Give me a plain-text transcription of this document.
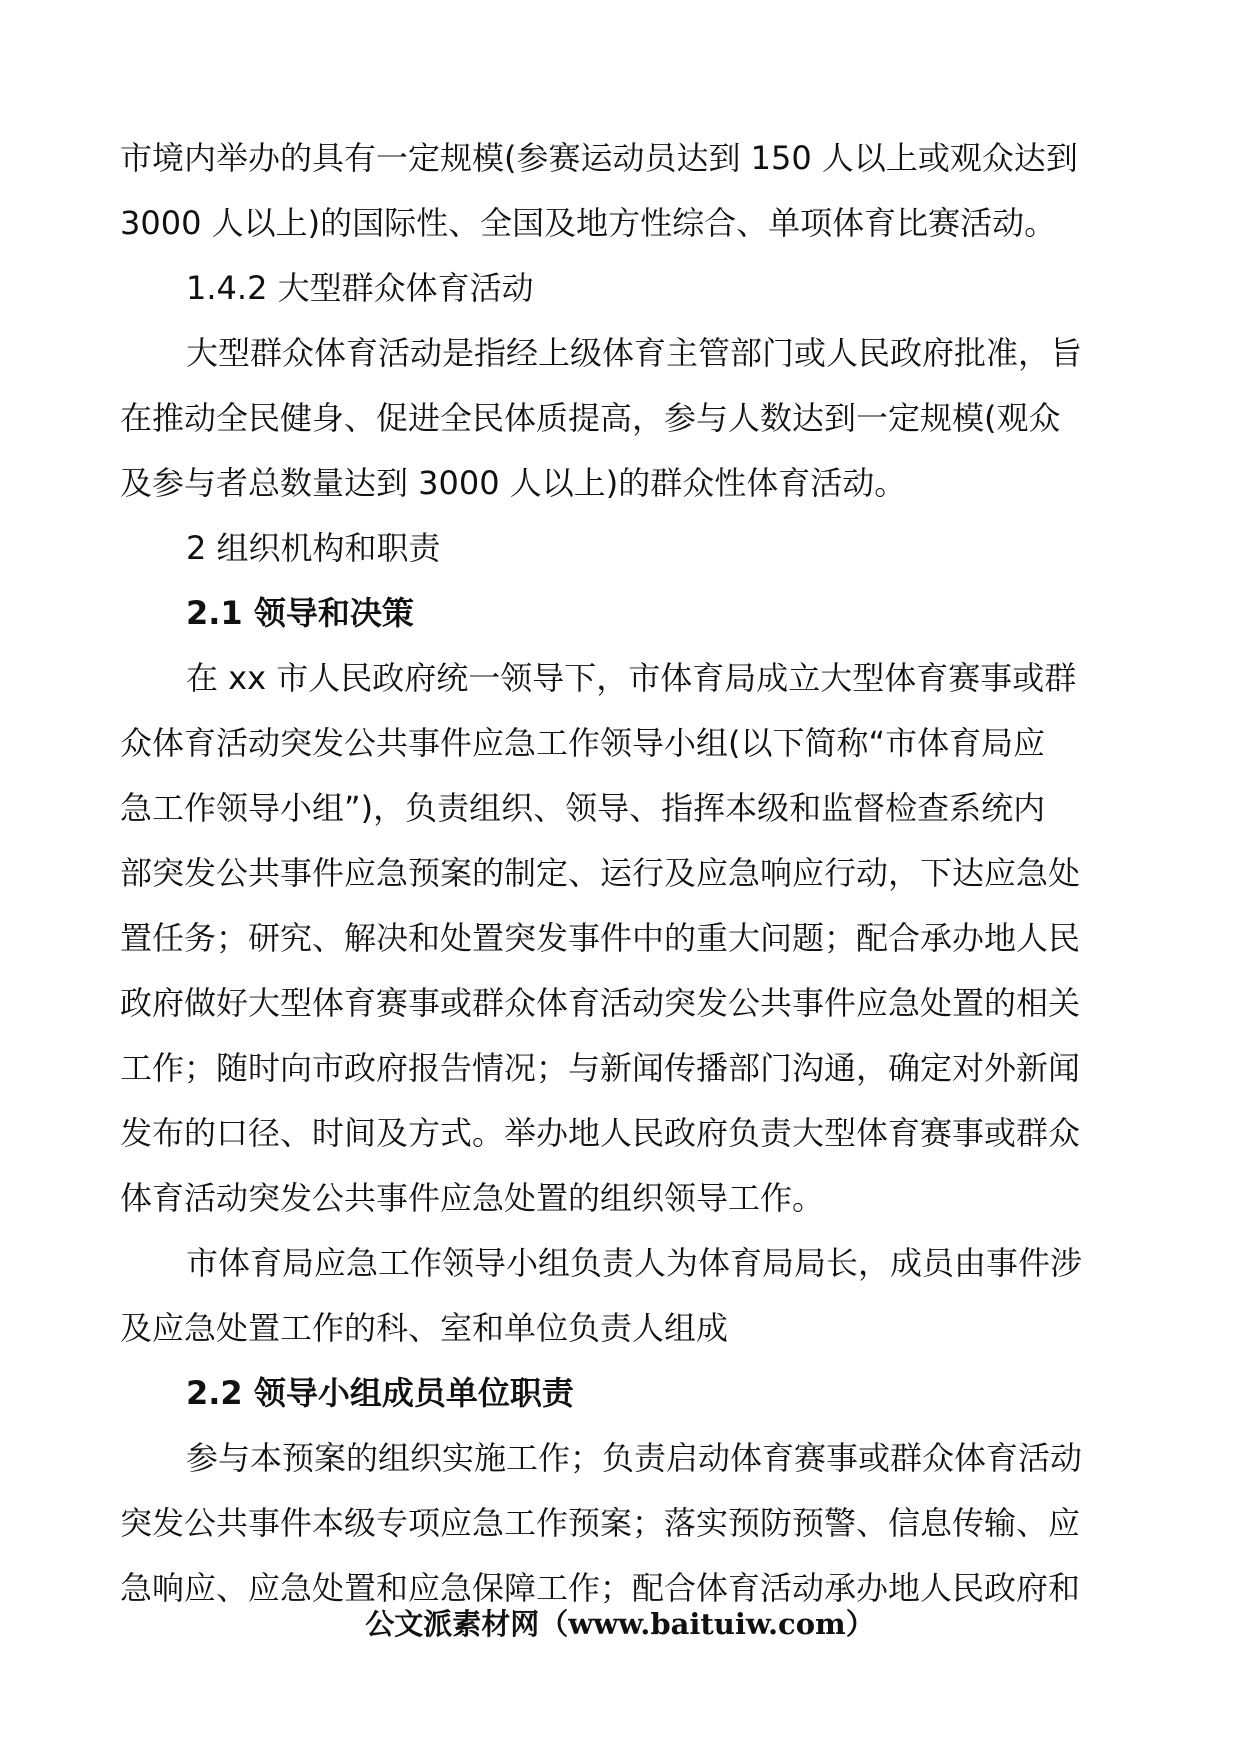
市境内举办的具有一定规模(参赛运动员达到 150 人以上或观众达到
3000 人以上)的国际性、全国及地方性综合、单项体育比赛活动。
1.4.2 大型群众体育活动
大型群众体育活动是指经上级体育主管部门或人民政府批准，旨
在推动全民健身、促进全民体质提高，参与人数达到一定规模(观众
及参与者总数量达到 3000 人以上)的群众性体育活动。
2 组织机构和职责
2.1 领导和决策
在 xx 市人民政府统一领导下，市体育局成立大型体育赛事或群
众体育活动突发公共事件应急工作领导小组(以下简称“市体育局应
急工作领导小组”)，负责组织、领导、指挥本级和监督检查系统内
部突发公共事件应急预案的制定、运行及应急响应行动，下达应急处
置任务；研究、解决和处置突发事件中的重大问题；配合承办地人民
政府做好大型体育赛事或群众体育活动突发公共事件应急处置的相关
工作；随时向市政府报告情况；与新闻传播部门沟通，确定对外新闻
发布的口径、时间及方式。举办地人民政府负责大型体育赛事或群众
体育活动突发公共事件应急处置的组织领导工作。
市体育局应急工作领导小组负责人为体育局局长，成员由事件涉
及应急处置工作的科、室和单位负责人组成
2.2 领导小组成员单位职责
参与本预案的组织实施工作；负责启动体育赛事或群众体育活动
突发公共事件本级专项应急工作预案；落实预防预警、信息传输、应
急响应、应急处置和应急保障工作；配合体育活动承办地人民政府和
公文派素材网（www.baituiw.com）
